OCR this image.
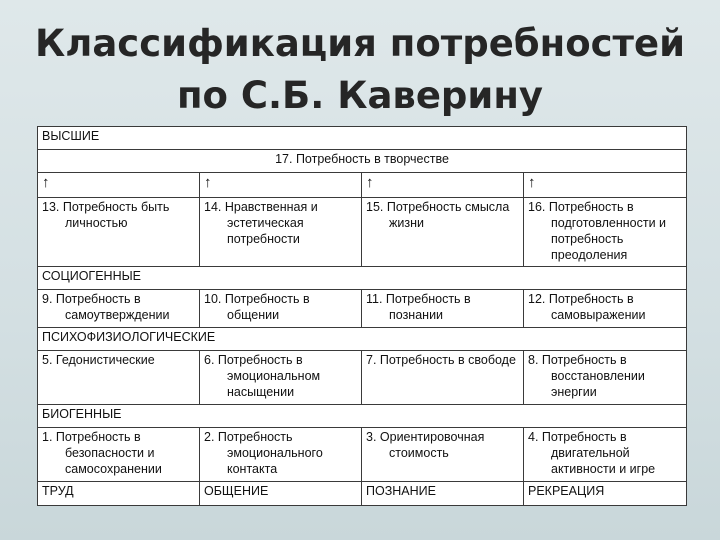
Классификация потребностей
по С.Б. Каверину
ВЫСШИЕ			
17. Потребность в творчестве			
↑	↑	↑	↑

13. Потребность быть личностью	14. Нравственная и эстетическая потребности	15. Потребность смысла жизни	16. Потребность в подготовленности и потребность преодоления

СОЦИОГЕННЫЕ			

9. Потребность в самоутверждении	10. Потребность в общении	11. Потребность в познании	12. Потребность в самовыражении

ПСИХОФИЗИОЛОГИЧЕСКИЕ			

5. Гедонистические	6. Потребность в эмоциональном насыщении	7. Потребность в свободе	8. Потребность в восстановлении энергии

БИОГЕННЫЕ			

1. Потребность в безопасности и самосохранении	2. Потребность эмоционального контакта	3. Ориентировочная стоимость	4. Потребность в двигательной активности и игре

ТРУД	ОБЩЕНИЕ	ПОЗНАНИЕ	РЕКРЕАЦИЯ
